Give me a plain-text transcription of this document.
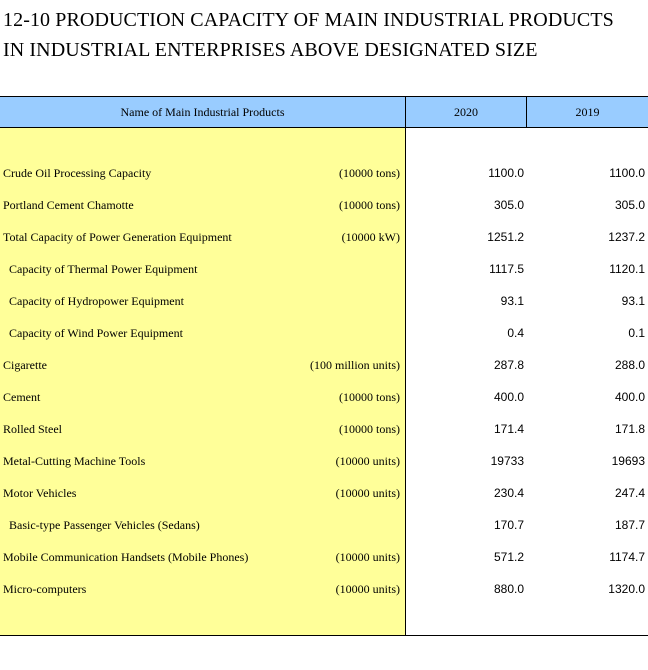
12-10 PRODUCTION CAPACITY OF MAIN INDUSTRIAL PRODUCTS
IN INDUSTRIAL ENTERPRISES ABOVE DESIGNATED SIZE
Name of Main Industrial Products	2020	2019
Crude Oil Processing Capacity	(10000 tons)	1100.0	1100.0
Portland Cement Chamotte	(10000 tons)	305.0	305.0
Total Capacity of Power Generation Equipment	(10000 kW)	1251.2	1237.2
Capacity of Thermal Power Equipment	1117.5	1120.1
Capacity of Hydropower Equipment	93.1	93.1
Capacity of Wind Power Equipment	0.4	0.1
Cigarette	(100 million units)	287.8	288.0
Cement	(10000 tons)	400.0	400.0
Rolled Steel	(10000 tons)	171.4	171.8
Metal-Cutting Machine Tools	(10000 units)	19733	19693
Motor Vehicles	(10000 units)	230.4	247.4
Basic-type Passenger Vehicles (Sedans)	170.7	187.7
Mobile Communication Handsets (Mobile Phones)	(10000 units)	571.2	1174.7
Micro-computers	(10000 units)	880.0	1320.0
